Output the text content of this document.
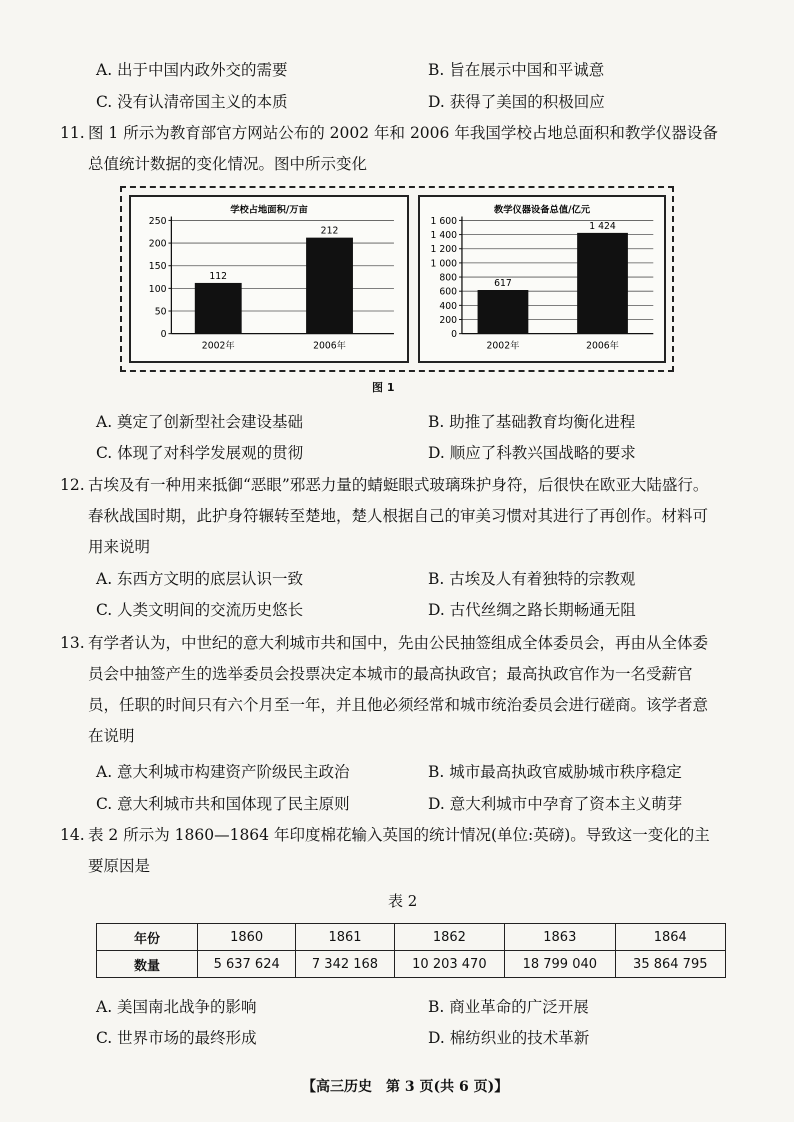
A. 出于中国内政外交的需要	B. 旨在展示中国和平诚意
C. 没有认清帝国主义的本质	D. 获得了美国的积极回应
11. 图 1 所示为教育部官方网站公布的 2002 年和 2006 年我国学校占地总面积和教学仪器设备
总值统计数据的变化情况。图中所示变化
学校占地面积/万亩
0
50
100
150
200
250
112
2002年
212
2006年
教学仪器设备总值/亿元
0
200
400
600
800
1 000
1 200
1 400
1 600
617
2002年
1 424
2006年
图 1
A. 奠定了创新型社会建设基础	B. 助推了基础教育均衡化进程
C. 体现了对科学发展观的贯彻	D. 顺应了科教兴国战略的要求
12. 古埃及有一种用来抵御“恶眼”邪恶力量的蜻蜓眼式玻璃珠护身符，后很快在欧亚大陆盛行。
春秋战国时期，此护身符辗转至楚地，楚人根据自己的审美习惯对其进行了再创作。材料可
用来说明
A. 东西方文明的底层认识一致	B. 古埃及人有着独特的宗教观
C. 人类文明间的交流历史悠长	D. 古代丝绸之路长期畅通无阻
13. 有学者认为，中世纪的意大利城市共和国中，先由公民抽签组成全体委员会，再由从全体委
员会中抽签产生的选举委员会投票决定本城市的最高执政官；最高执政官作为一名受薪官
员，任职的时间只有六个月至一年，并且他必须经常和城市统治委员会进行磋商。该学者意
在说明
A. 意大利城市构建资产阶级民主政治	B. 城市最高执政官威胁城市秩序稳定
C. 意大利城市共和国体现了民主原则	D. 意大利城市中孕育了资本主义萌芽
14. 表 2 所示为 1860—1864 年印度棉花输入英国的统计情况(单位:英磅)。导致这一变化的主
要原因是
表 2
年份	1860	1861	1862	1863	1864
数量	5 637 624	7 342 168	10 203 470	18 799 040	35 864 795
A. 美国南北战争的影响	B. 商业革命的广泛开展
C. 世界市场的最终形成	D. 棉纺织业的技术革新
【高三历史　第 3 页(共 6 页)】
